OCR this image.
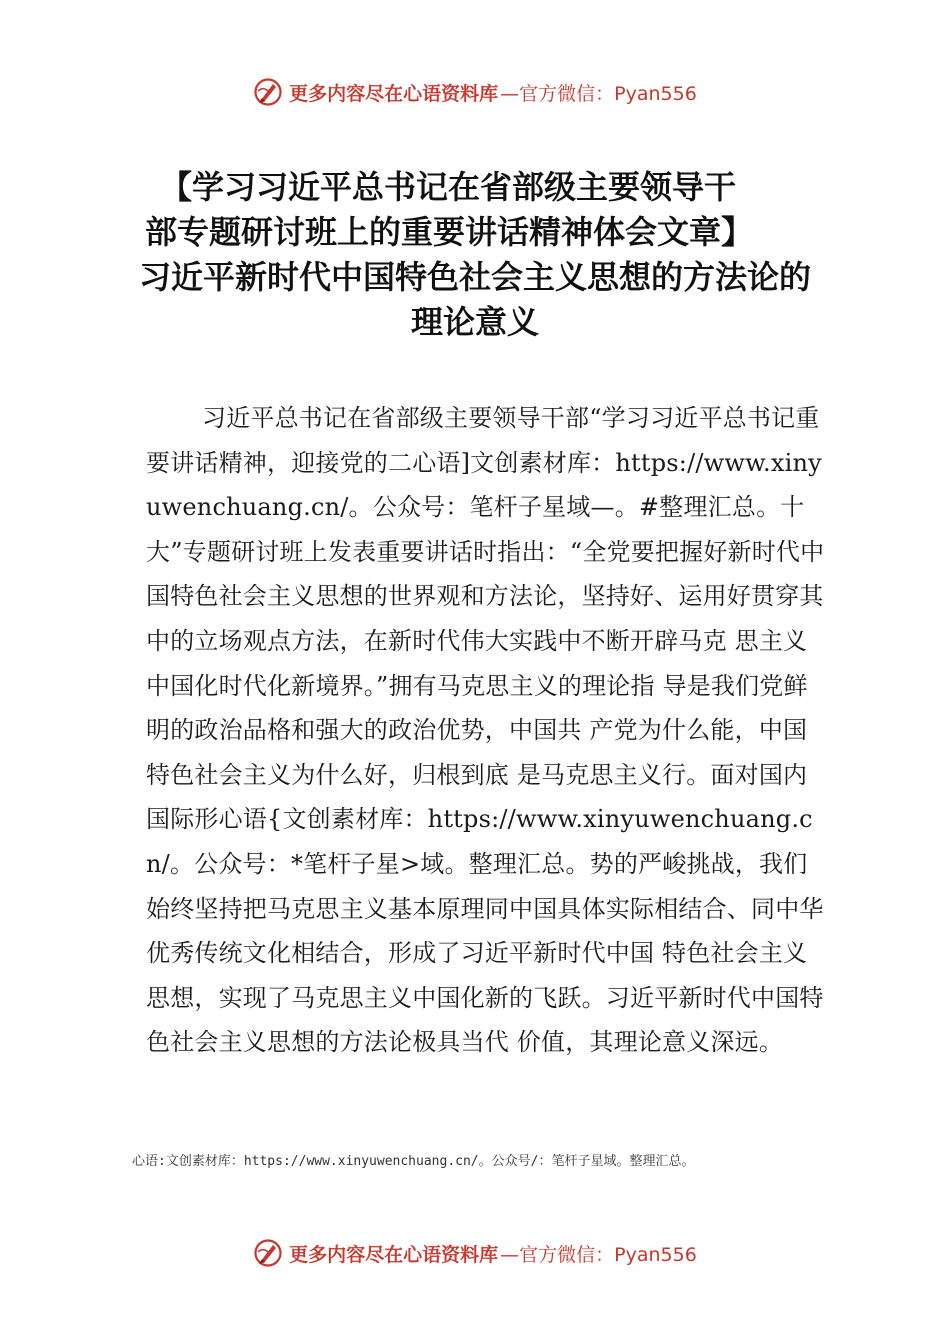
更多内容尽在心语资料库 —官方微信：Pyan556
【学习习近平总书记在省部级主要领导干
部专题研讨班上的重要讲话精神体会文章】
习近平新时代中国特色社会主义思想的方法论的理论意义

习近平总书记在省部级主要领导干部“学习习近平总书记重要讲话精神，迎接党的二心语]文创素材库：https://www.xinyuwenchuang.cn/。公众号：笔杆子星域—。#整理汇总。十大”专题研讨班上发表重要讲话时指出：“全党要把握好新时代中国特色社会主义思想的世界观和方法论，坚持好、运用好贯穿其 中的立场观点方法，在新时代伟大实践中不断开辟马克 思主义中国化时代化新境界。”拥有马克思主义的理论指 导是我们党鲜明的政治品格和强大的政治优势，中国共 产党为什么能，中国特色社会主义为什么好，归根到底 是马克思主义行。面对国内国际形心语{文创素材库：https://www.xinyuwenchuang.cn/。公众号：*笔杆子星>域。整理汇总。势的严峻挑战，我们 始终坚持把马克思主义基本原理同中国具体实际相结合、同中华优秀传统文化相结合，形成了习近平新时代中国 特色社会主义思想，实现了马克思主义中国化新的飞跃。习近平新时代中国特色社会主义思想的方法论极具当代 价值，其理论意义深远。

心语:文创素材库：https://www.xinyuwenchuang.cn/。公众号/：笔杆子星域。整理汇总。

更多内容尽在心语资料库 —官方微信：Pyan556
